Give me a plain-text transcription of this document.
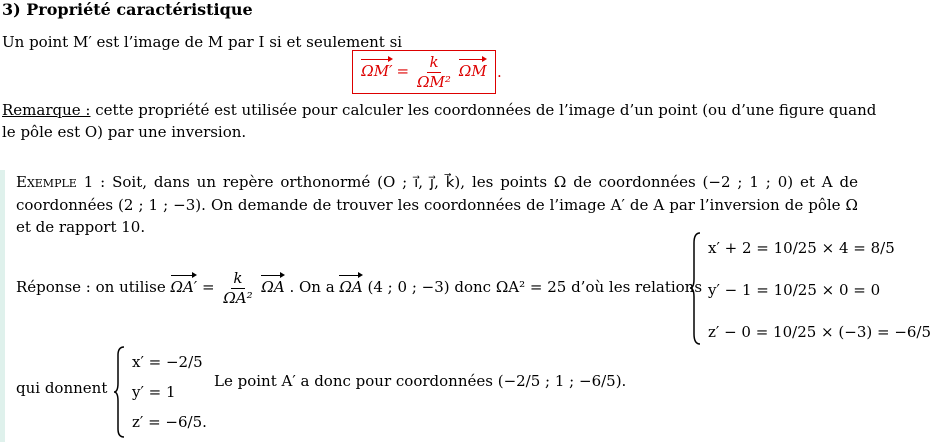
3) Propriété caractéristique
Un point M′ est l’image de M par I si et seulement si
$\Omega M' = \frac{k}{\text{ΩM²}}$ ΩM .
Remarque : cette propriété est utilisée pour calculer les coordonnées de l’image d’un point (ou d’une figure quand
le pôle est O) par une inversion.
Exemple 1 : Soit, dans un repère orthonormé (O ; i⃗, j⃗, k⃗), les points Ω de coordonnées (−2 ; 1 ; 0) et A de coordonnées (2 ; 1 ; −3). On demande de trouver les coordonnées de l’image A′ de A par l’inversion de pôle Ω et de rapport 10.
Réponse : on utilise $\Omega A' = \frac{k}{\text{ΩA²}}$ ΩA . On a ΩA (4 ; 0 ; −3) donc ΩA² = 25 d’où les relations
x′ + 2 = 10/25 × 4 = 8/5
y′ − 1 = 10/25 × 0 = 0
z′ − 0 = 10/25 × (−3) = −6/5
qui donnent
x′ = −2/5
y′ = 1
z′ = −6/5.
Le point A′ a donc pour coordonnées (−2/5 ; 1 ; −6/5).
